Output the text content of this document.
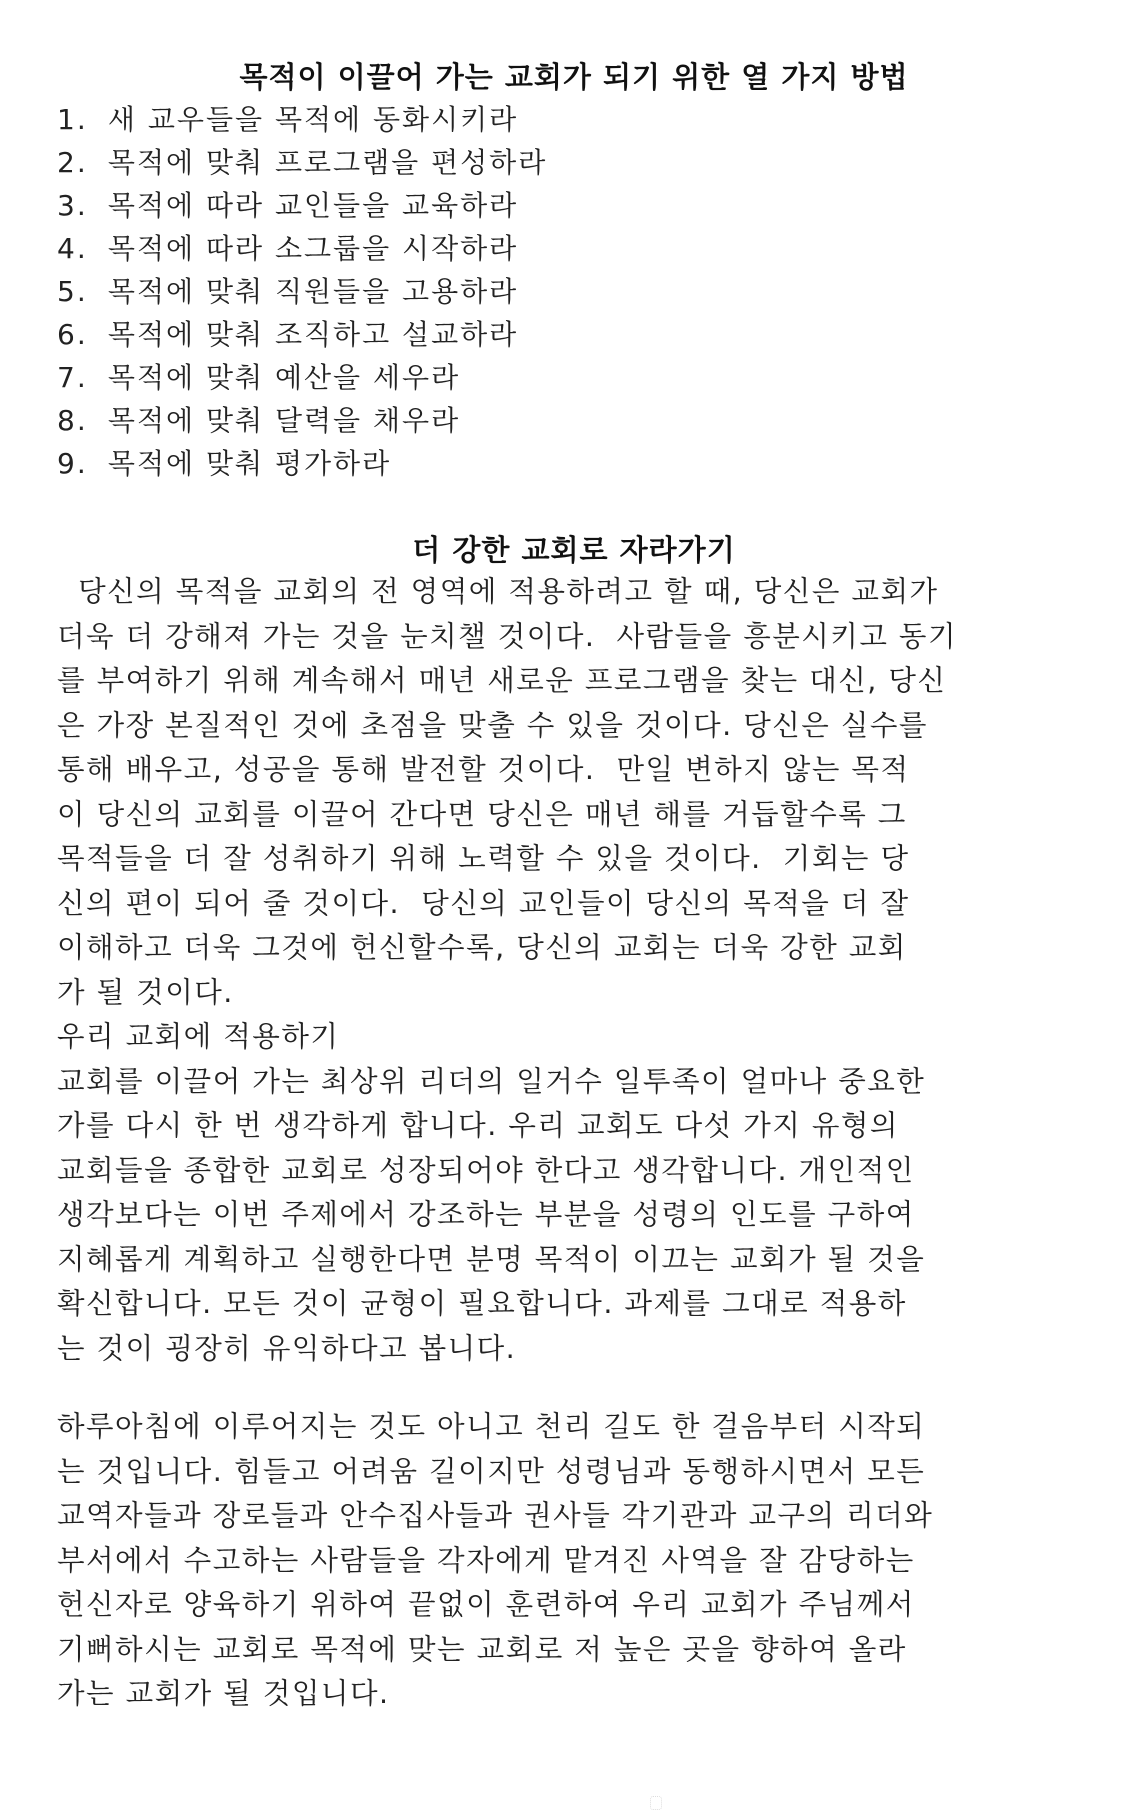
목적이 이끌어 가는 교회가 되기 위한 열 가지 방법
1. 새 교우들을 목적에 동화시키라
2. 목적에 맞춰 프로그램을 편성하라
3. 목적에 따라 교인들을 교육하라
4. 목적에 따라 소그룹을 시작하라
5. 목적에 맞춰 직원들을 고용하라
6. 목적에 맞춰 조직하고 설교하라
7. 목적에 맞춰 예산을 세우라
8. 목적에 맞춰 달력을 채우라
9. 목적에 맞춰 평가하라
더 강한 교회로 자라가기
당신의 목적을 교회의 전 영역에 적용하려고 할 때, 당신은 교회가
더욱 더 강해져 가는 것을 눈치챌 것이다.  사람들을 흥분시키고 동기
를 부여하기 위해 계속해서 매년 새로운 프로그램을 찾는 대신, 당신
은 가장 본질적인 것에 초점을 맞출 수 있을 것이다. 당신은 실수를
통해 배우고, 성공을 통해 발전할 것이다.  만일 변하지 않는 목적
이 당신의 교회를 이끌어 간다면 당신은 매년 해를 거듭할수록 그
목적들을 더 잘 성취하기 위해 노력할 수 있을 것이다.  기회는 당
신의 편이 되어 줄 것이다.  당신의 교인들이 당신의 목적을 더 잘
이해하고 더욱 그것에 헌신할수록, 당신의 교회는 더욱 강한 교회
가 될 것이다.
우리 교회에 적용하기
교회를 이끌어 가는 최상위 리더의 일거수 일투족이 얼마나 중요한
가를 다시 한 번 생각하게 합니다. 우리 교회도 다섯 가지 유형의
교회들을 종합한 교회로 성장되어야 한다고 생각합니다. 개인적인
생각보다는 이번 주제에서 강조하는 부분을 성령의 인도를 구하여
지혜롭게 계획하고 실행한다면 분명 목적이 이끄는 교회가 될 것을
확신합니다. 모든 것이 균형이 필요합니다. 과제를 그대로 적용하
는 것이 굉장히 유익하다고 봅니다.
하루아침에 이루어지는 것도 아니고 천리 길도 한 걸음부터 시작되
는 것입니다. 힘들고 어려움 길이지만 성령님과 동행하시면서 모든
교역자들과 장로들과 안수집사들과 권사들 각기관과 교구의 리더와
부서에서 수고하는 사람들을 각자에게 맡겨진 사역을 잘 감당하는
헌신자로 양육하기 위하여 끝없이 훈련하여 우리 교회가 주님께서
기뻐하시는 교회로 목적에 맞는 교회로 저 높은 곳을 향하여 올라
가는 교회가 될 것입니다.
